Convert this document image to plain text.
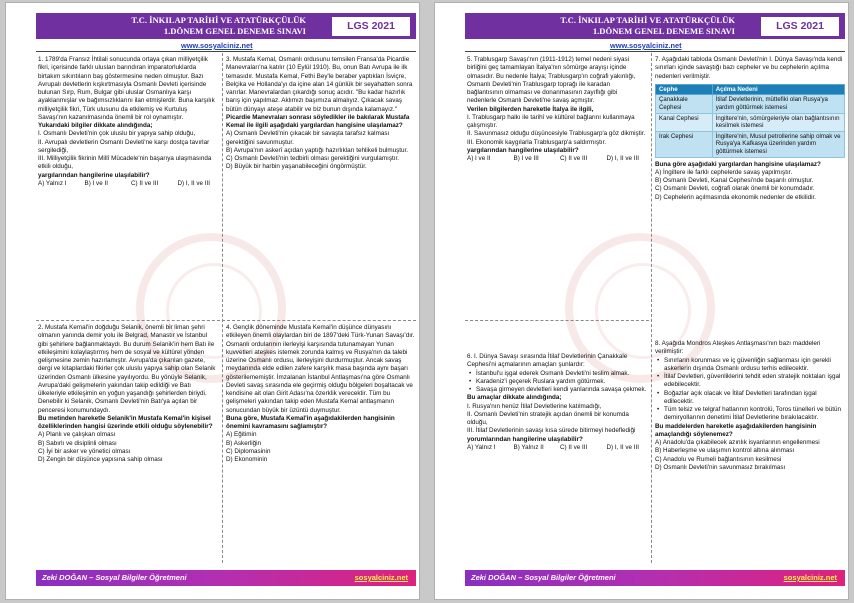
T.C. İNKILAP TARİHİ VE ATATÜRKÇÜLÜK
1.DÖNEM GENEL DENEME SINAVI	LGS 2021
www.sosyalciniz.net

1. 1789'da Fransız İhtilali sonucunda ortaya çıkan milliyetçilik fikri, içerisinde farklı ulusları barındıran imparatorluklarda birtakım sıkıntıların baş göstermesine neden olmuştur. Bazı Avrupalı devletlerin kışkırtmasıyla Osmanlı Devleti içerisinde bulunan Sırp, Rum, Bulgar gibi uluslar Osmanlıya karşı ayaklanmışlar ve bağımsızlıklarını ilan etmişlerdir. Buna karşılık milliyetçilik fikri, Türk ulusunu da etkilemiş ve Kurtuluş Savaşı'nın kazanılmasında önemli bir rol oynamıştır.

Yukarıdaki bilgiler dikkate alındığında;

I. Osmanlı Devleti'nin çok uluslu bir yapıya sahip olduğu,

II. Avrupalı devletlerin Osmanlı Devleti'ne karşı dostça tavırlar sergilediği,

III. Milliyetçilik fikrinin Millî Mücadele'nin başarıya ulaşmasında etkili olduğu,

yargılarından hangilerine ulaşılabilir?

A) Yalnız I	B) I ve II	C) II ve III	D) I, II ve III

3. Mustafa Kemal, Osmanlı ordusunu temsilen Fransa'da Picardie Manevraları'na katılır (10 Eylül 1910). Bu, onun Batı Avrupa ile ilk temasıdır. Mustafa Kemal, Fethi Bey'le beraber yaptıkları İsviçre, Belçika ve Hollanda'yı da içine alan 14 günlük bir seyahatten sonra varırlar. Manevralardan çıkardığı sonuç acıdır. "Bu kadar hazırlık barış için yapılmaz. Aklımızı başımıza almalıyız. Çıkacak savaş bütün dünyayı ateşe atabilir ve biz bunun dışında kalamayız."

Picardie Manevraları sonrası söyledikler ile bakılarak Mustafa Kemal ile ilgili aşağıdaki yargılardan hangisine ulaşılamaz?

A) Osmanlı Devleti'nin çıkacak bir savaşta tarafsız kalması gerektiğini savunmuştur.

B) Avrupa'nın askerî açıdan yaptığı hazırlıkları tehlikeli bulmuştur.

C) Osmanlı Devleti'nin tedbirli olması gerektiğini vurgulamıştır.

D) Büyük bir harbin yaşanabileceğini öngörmüştür.

2. Mustafa Kemal'in doğduğu Selanik, önemli bir liman şehri olmanın yanında demir yolu ile Belgrad, Manastır ve İstanbul gibi şehirlere bağlanmaktaydı. Bu durum Selanik'in hem Batı ile etkileşimini kolaylaştırmış hem de sosyal ve kültürel yönden gelişmesine zemin hazırlamıştır. Avrupa'da çıkarılan gazete, dergi ve kitaplardaki fikirler çok uluslu yapıya sahip olan Selanik üzerinden Osmanlı ülkesine yayılıyordu. Bu yönüyle Selanik, Avrupa'daki gelişmelerin yakından takip edildiği ve Batı ülkeleriyle etkileşimin en yoğun yaşandığı şehirlerden biriydi. Denebilir ki Selanik, Osmanlı Devleti'nin Batı'ya açılan bir penceresi konumundaydı.

Bu metinden hareketle Selanik'in Mustafa Kemal'in kişisel özelliklerinden hangisi üzerinde etkili olduğu söylenebilir?

A) Planlı ve çalışkan olması

B) Sabırlı ve disiplinli olması

C) İyi bir asker ve yönetici olması

D) Zengin bir düşünce yapısına sahip olması

4. Gençlik döneminde Mustafa Kemal'in düşünce dünyasını etkileyen önemli olaylardan biri de 1897'deki Türk-Yunan Savaşı'dır. Osmanlı ordularının ilerleyişi karşısında tutunamayan Yunan kuvvetleri ateşkes istemek zorunda kalmış ve Rusya'nın da talebi üzerine Osmanlı ordusu, ilerleyişini durdurmuştur. Ancak savaş meydanında elde edilen zafere karşılık masa başında aynı başarı gösterilememiştir. İmzalanan İstanbul Antlaşması'na göre Osmanlı Devleti savaş sırasında ele geçirmiş olduğu bölgeleri boşaltacak ve kendisine ait olan Girit Adası'na özerklik verecektir. Tüm bu gelişmeleri yakından takip eden Mustafa Kemal antlaşmanın sonucundan büyük bir üzüntü duymuştur.

Buna göre, Mustafa Kemal'in aşağıdakilerden hangisinin önemini kavramasını sağlamıştır?

A) Eğitimin

B) Askerliğin

C) Diplomasinin

D) Ekonominin

Zeki DOĞAN – Sosyal Bilgiler Öğretmeni	sosyalciniz.net
T.C. İNKILAP TARİHİ VE ATATÜRKÇÜLÜK
1.DÖNEM GENEL DENEME SINAVI	LGS 2021
www.sosyalciniz.net

5. Trablusgarp Savaşı'nın (1911-1912) temel nedeni siyasi birliğini geç tamamlayan İtalya'nın sömürge arayışı içinde olmasıdır. Bu nedenle İtalya; Trablusgarp'ın coğrafi yakınlığı, Osmanlı Devleti'nin Trablusgarp toprağı ile karadan bağlantısının olmaması ve donanmasının zayıflığı gibi nedenlerle Osmanlı Devleti'ne savaş açmıştır.

Verilen bilgilerden hareketle İtalya ile ilgili,

I. Trablusgarp halkı ile tarihî ve kültürel bağlarını kullanmaya çalışmıştır.

II. Savunmasız olduğu düşüncesiyle Trablusgarp'a göz dikmiştir.

III. Ekonomik kaygılarla Trablusgarp'a saldırmıştır.

yargılarından hangilerine ulaşılabilir?

A) I ve II	B) I ve III	C) II ve III	D) I, II ve III

6. I. Dünya Savaşı sırasında İtilaf Devletlerinin Çanakkale Cephesi'ni açmalarının amaçları şunlardır:

• İstanbul'u işgal ederek Osmanlı Devleti'ni teslim almak.

• Karadeniz'i geçerek Ruslara yardım götürmek.

• Savaşa girmeyen devletleri kendi yanlarında savaşa çekmek.

Bu amaçlar dikkate alındığında;

I. Rusya'nın henüz İtilaf Devletlerine katılmadığı,

II. Osmanlı Devleti'nin stratejik açıdan önemli bir konumda olduğu,

III. İtilaf Devletlerinin savaşı kısa sürede bitirmeyi hedeflediği

yorumlarından hangilerine ulaşılabilir?

A) Yalnız I	B) Yalnız II	C) II ve III	D) I, II ve III

7. Aşağıdaki tabloda Osmanlı Devleti'nin I. Dünya Savaşı'nda kendi sınırları içinde savaştığı bazı cepheler ve bu cephelerin açılma nedenleri verilmiştir.

Cephe	Açılma Nedeni
Çanakkale Cephesi	İtilaf Devletlerinin, müttefiki olan Rusya'ya yardım göttürmek istemesi
Kanal Cephesi	İngiltere'nin, sömürgeleriyle olan bağlantısının kesilmek istemesi
Irak Cephesi	İngiltere'nin, Musul petrollerine sahip olmak ve Rusya'ya Kafkasya üzerinden yardım göttürmek istemesi

Buna göre aşağıdaki yargılardan hangisine ulaşılamaz?

A) İngiltere ile farklı cephelerde savaş yapılmıştır.

B) Osmanlı Devleti, Kanal Cephesi'nde başarılı olmuştur.

C) Osmanlı Devleti, coğrafi olarak önemli bir konumdadır.

D) Cephelerin açılmasında ekonomik nedenler de etkilidir.

8. Aşağıda Mondros Ateşkes Antlaşması'nın bazı maddeleri verilmiştir:

• Sınırların korunması ve iç güvenliğin sağlanması için gerekli askerlerin dışında Osmanlı ordusu terhis edilecektir.

• İtilaf Devletleri, güvenliklerini tehdit eden stratejik noktaları işgal edebilecektir.

• Boğazlar açık olacak ve İtilaf Devletleri tarafından işgal edilecektir.

• Tüm telsiz ve telgraf hatlarının kontrolü, Toros tünelleri ve bütün demiryollarının denetimi İtilaf Devletlerine bırakılacaktır.

Bu maddelerden hareketle aşağıdakilerden hangisinin amaçlandığı söylenemez?

A) Anadolu'da çıkabilecek azınlık isyanlarının engellenmesi

B) Haberleşme ve ulaşımın kontrol altına alınması

C) Anadolu ve Rumeli bağlantısının kesilmesi

D) Osmanlı Devleti'nin savunmasız bırakılması

Zeki DOĞAN – Sosyal Bilgiler Öğretmeni	sosyalciniz.net
